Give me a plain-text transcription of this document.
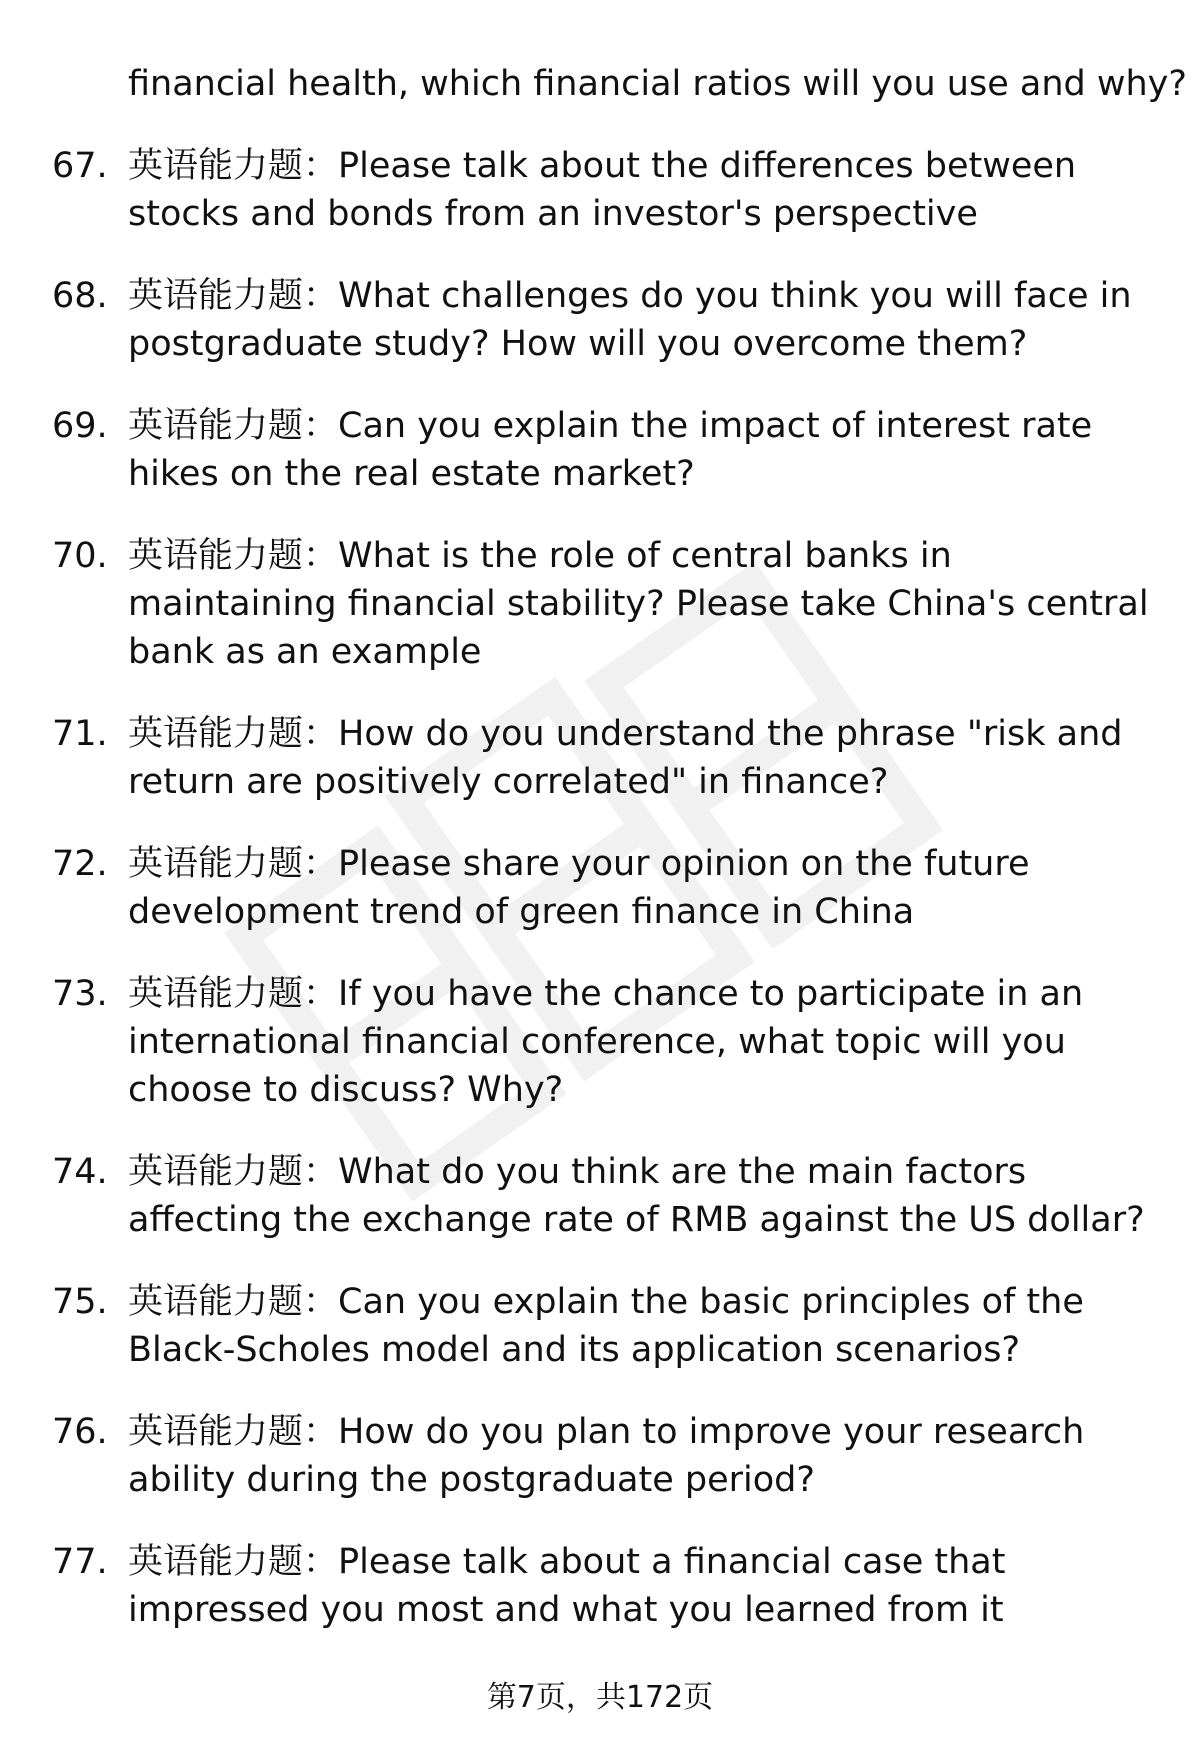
financial health, which financial ratios will you use and why?
67. 英语能力题：Please talk about the differences between stocks and bonds from an investor's perspective
68. 英语能力题：What challenges do you think you will face in postgraduate study? How will you overcome them?
69. 英语能力题：Can you explain the impact of interest rate hikes on the real estate market?
70. 英语能力题：What is the role of central banks in maintaining financial stability? Please take China's central bank as an example
71. 英语能力题：How do you understand the phrase "risk and return are positively correlated" in finance?
72. 英语能力题：Please share your opinion on the future development trend of green finance in China
73. 英语能力题：If you have the chance to participate in an international financial conference, what topic will you choose to discuss? Why?
74. 英语能力题：What do you think are the main factors affecting the exchange rate of RMB against the US dollar?
75. 英语能力题：Can you explain the basic principles of the Black-Scholes model and its application scenarios?
76. 英语能力题：How do you plan to improve your research ability during the postgraduate period?
77. 英语能力题：Please talk about a financial case that impressed you most and what you learned from it
第7页，共172页
